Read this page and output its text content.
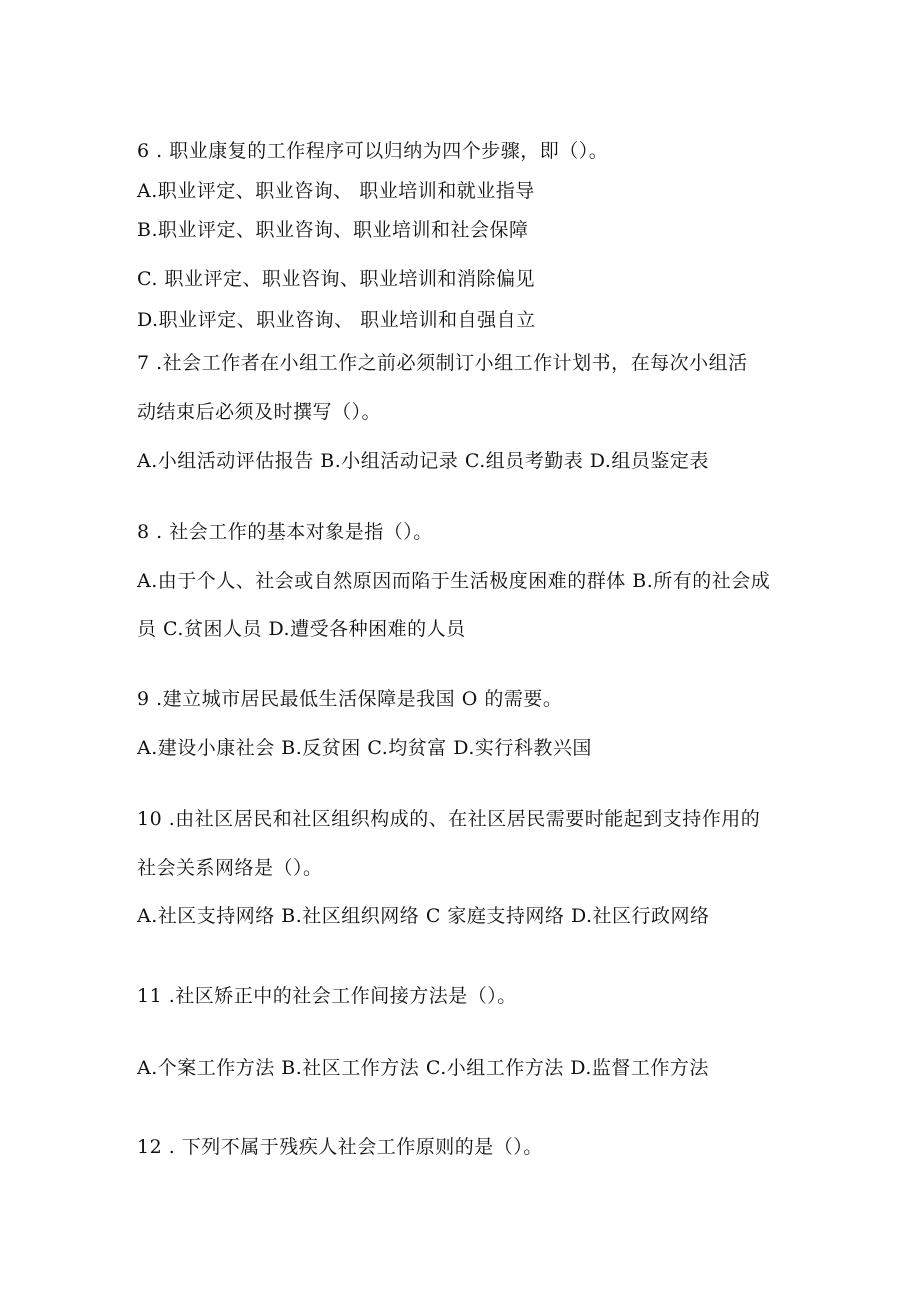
6 . 职业康复的工作程序可以归纳为四个步骤，即（）。
A.职业评定、职业咨询、 职业培训和就业指导
B.职业评定、职业咨询、职业培训和社会保障
C. 职业评定、职业咨询、职业培训和消除偏见
D.职业评定、职业咨询、 职业培训和自强自立
7 .社会工作者在小组工作之前必须制订小组工作计划书，在每次小组活
动结束后必须及时撰写（）。
A.小组活动评估报告 B.小组活动记录 C.组员考勤表 D.组员鉴定表
8 . 社会工作的基本对象是指（）。
A.由于个人、社会或自然原因而陷于生活极度困难的群体 B.所有的社会成
员 C.贫困人员 D.遭受各种困难的人员
9 .建立城市居民最低生活保障是我国 O 的需要。
A.建设小康社会 B.反贫困 C.均贫富 D.实行科教兴国
10 .由社区居民和社区组织构成的、在社区居民需要时能起到支持作用的
社会关系网络是（）。
A.社区支持网络 B.社区组织网络 C 家庭支持网络 D.社区行政网络
11 .社区矫正中的社会工作间接方法是（）。
A.个案工作方法 B.社区工作方法 C.小组工作方法 D.监督工作方法
12 . 下列不属于残疾人社会工作原则的是（）。
